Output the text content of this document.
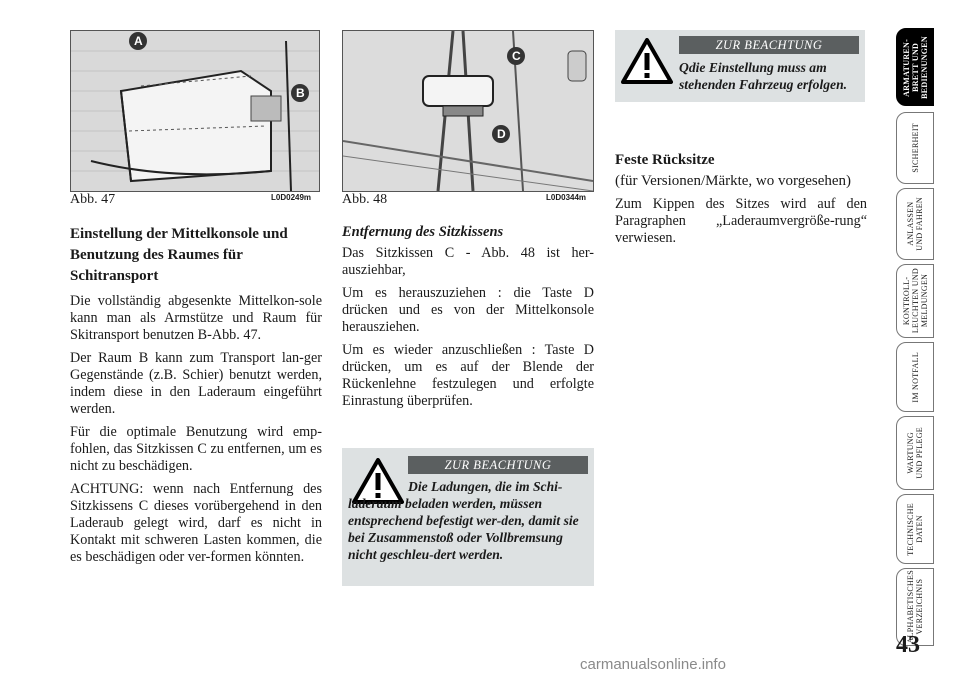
A
B
Abb. 47	L0D0249m
C
D
Abb. 48	L0D0344m
Einstellung der Mittelkonsole und Benutzung des Raumes für Schitransport

Die vollständig abgesenkte Mittelkon-sole kann man als Armstütze und Raum für Skitransport benutzen B-Abb. 47.

Der Raum B kann zum Transport lan-ger Gegenstände (z.B. Schier) benutzt werden, indem diese in den Laderaum eingeführt werden.

Für die optimale Benutzung wird emp-fohlen, das Sitzkissen C zu entfernen, um es nicht zu beschädigen.

ACHTUNG: wenn nach Entfernung des Sitzkissens C dieses vorübergehend in den Laderaub gelegt wird, darf es nicht in Kontakt mit schweren Lasten kommen, die es beschädigen oder ver-formen könnten.

Entfernung des Sitzkissens

Das Sitzkissen C - Abb. 48 ist her-ausziehbar,

Um es herauszuziehen : die Taste D drücken und es von der Mittelkonsole herausziehen.

Um es wieder anzuschließen : Taste D drücken, um es auf der Blende der Rückenlehne festzulegen und erfolgte Einrastung überprüfen.

ZUR BEACHTUNG
Die Ladungen, die im Schi-laderaum beladen werden, müssen entsprechend befestigt wer-den, damit sie bei Zusammenstoß oder Vollbremsung nicht geschleu-dert werden.
ZUR BEACHTUNG
Qdie Einstellung muss am stehenden Fahrzeug erfolgen.
Feste Rücksitze

(für Versionen/Märkte, wo vorgesehen)

Zum Kippen des Sitzes wird auf den Paragraphen „Laderaumvergröße-rung“ verwiesen.

ARMATUREN-
BRETT UND
BEDIENUNGEN
SICHERHEIT
ANLASSEN
UND FAHREN
KONTROLL-
LEUCHTEN UND
MELDUNGEN
IM NOTFALL
WARTUNG
UND PFLEGE
TECHNISCHE
DATEN
ALPHABETISCHES
VERZEICHNIS
43
carmanualsonline.info
